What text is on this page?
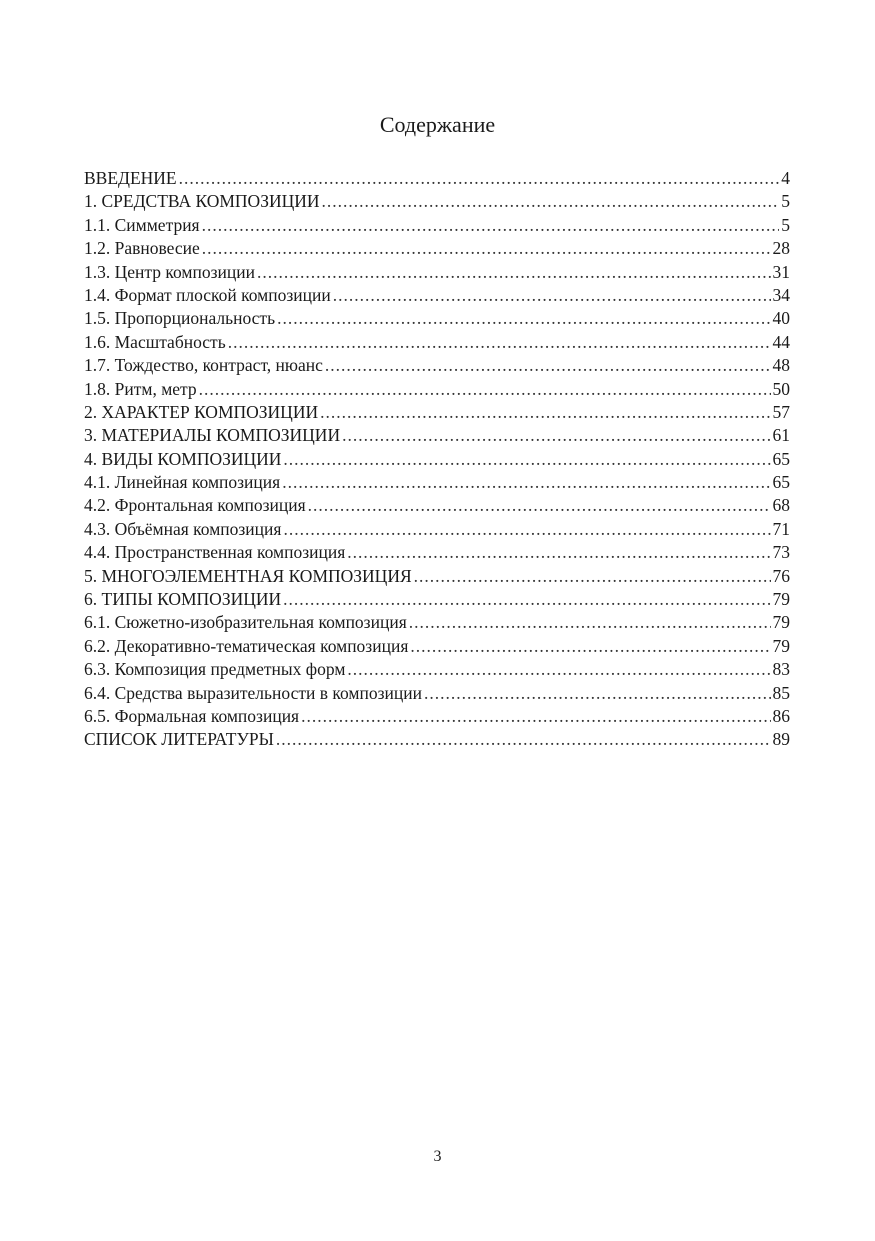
Содержание
ВВЕДЕНИЕ .....	4
1. СРЕДСТВА КОМПОЗИЦИИ .....	5
1.1. Симметрия .....	5
1.2. Равновесие .....	28
1.3. Центр композиции .....	31
1.4. Формат плоской композиции .....	34
1.5. Пропорциональность .....	40
1.6. Масштабность .....	44
1.7. Тождество, контраст, нюанс .....	48
1.8. Ритм, метр .....	50
2. ХАРАКТЕР КОМПОЗИЦИИ .....	57
3. МАТЕРИАЛЫ КОМПОЗИЦИИ .....	61
4. ВИДЫ КОМПОЗИЦИИ .....	65
4.1. Линейная композиция .....	65
4.2. Фронтальная композиция .....	68
4.3. Объёмная композиция .....	71
4.4. Пространственная композиция .....	73
5. МНОГОЭЛЕМЕНТНАЯ КОМПОЗИЦИЯ .....	76
6. ТИПЫ КОМПОЗИЦИИ .....	79
6.1. Сюжетно-изобразительная композиция .....	79
6.2. Декоративно-тематическая композиция .....	79
6.3. Композиция предметных форм .....	83
6.4. Средства выразительности в композиции .....	85
6.5. Формальная композиция .....	86
СПИСОК ЛИТЕРАТУРЫ .....	89
3
